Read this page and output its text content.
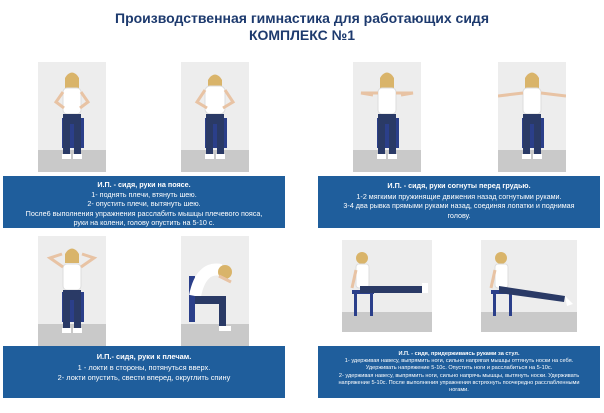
Производственная гимнастика для работающих сидя
КОМПЛЕКС №1
И.П. - сидя, руки на поясе.
1- поднять плечи, втянуть шею.
2- опустить плечи, вытянуть шею.
После6 выполнения упражнения расслабить мышцы плечевого пояса,
руки на колени, голову опустить на 5-10 с.
И.П. - сидя, руки согнуты перед грудью.
1-2 мягкими пружинящие движения назад согнутыми руками.
3-4 два рывка прямыми руками назад, соединяя лопатки и поднимая
голову.
И.П.- сидя, руки к плечам.
1 - локти в стороны, потянуться вверх.
2- локти опустить, свести вперед, округлить спину
И.П. - сидя, придерживаясь руками за стул.
1- удерживая навесу, выпрямить ноги, сильно напрягая мышцы оттянуть носки на себя.
Удерживать напряжение 5-10с. Опустить ноги и расслабиться на 5-10с.
2- удерживая навесу, выпрямить ноги, сильно напрячь мышцы, вытянуть носки. Удерживать
напряжение 5-10с. После выполнения упражнения встряхнуть поочередно расслабленными
ногами.
